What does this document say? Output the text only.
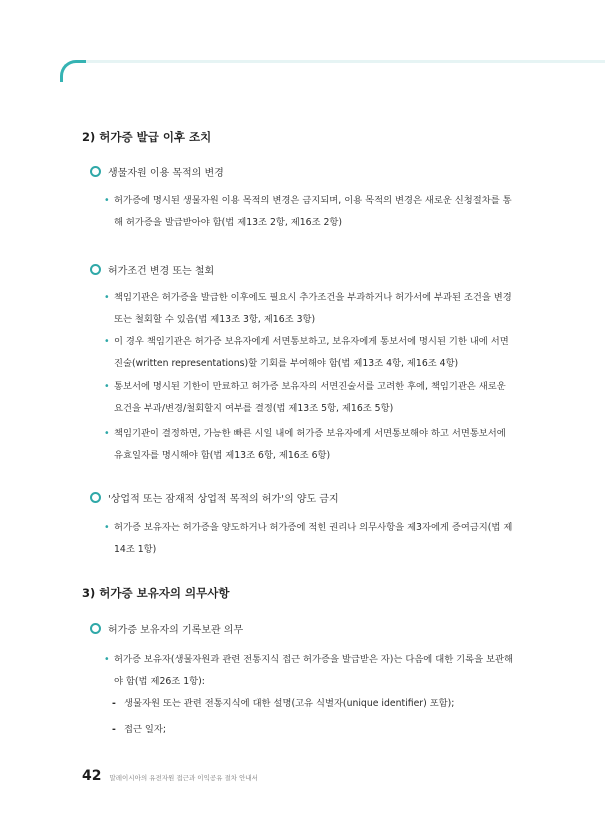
2) 허가증 발급 이후 조치
생물자원 이용 목적의 변경
• 허가증에 명시된 생물자원 이용 목적의 변경은 금지되며, 이용 목적의 변경은 새로운 신청절차를 통
해 허가증을 발급받아야 함(법 제13조 2항, 제16조 2항)
허가조건 변경 또는 철회
• 책임기관은 허가증을 발급한 이후에도 필요시 추가조건을 부과하거나 허가서에 부과된 조건을 변경
또는 철회할 수 있음(법 제13조 3항, 제16조 3항)
• 이 경우 책임기관은 허가증 보유자에게 서면통보하고, 보유자에게 통보서에 명시된 기한 내에 서면
진술(written representations)할 기회를 부여해야 함(법 제13조 4항, 제16조 4항)
• 통보서에 명시된 기한이 만료하고 허가증 보유자의 서면진술서를 고려한 후에, 책임기관은 새로운
요건을 부과/변경/철회할지 여부를 결정(법 제13조 5항, 제16조 5항)
• 책임기관이 결정하면, 가능한 빠른 시일 내에 허가증 보유자에게 서면통보해야 하고 서면통보서에
유효일자를 명시해야 함(법 제13조 6항, 제16조 6항)
'상업적 또는 잠재적 상업적 목적의 허가'의 양도 금지
• 허가증 보유자는 허가증을 양도하거나 허가증에 적힌 권리나 의무사항을 제3자에게 증여금지(법 제
14조 1항)
3) 허가증 보유자의 의무사항
허가증 보유자의 기록보관 의무
• 허가증 보유자(생물자원과 관련 전통지식 접근 허가증을 발급받은 자)는 다음에 대한 기록을 보관해
야 함(법 제26조 1항):
- 생물자원 또는 관련 전통지식에 대한 설명(고유 식별자(unique identifier) 포함);
- 접근 일자;
42 말레이시아의 유전자원 접근과 이익공유 절차 안내서
